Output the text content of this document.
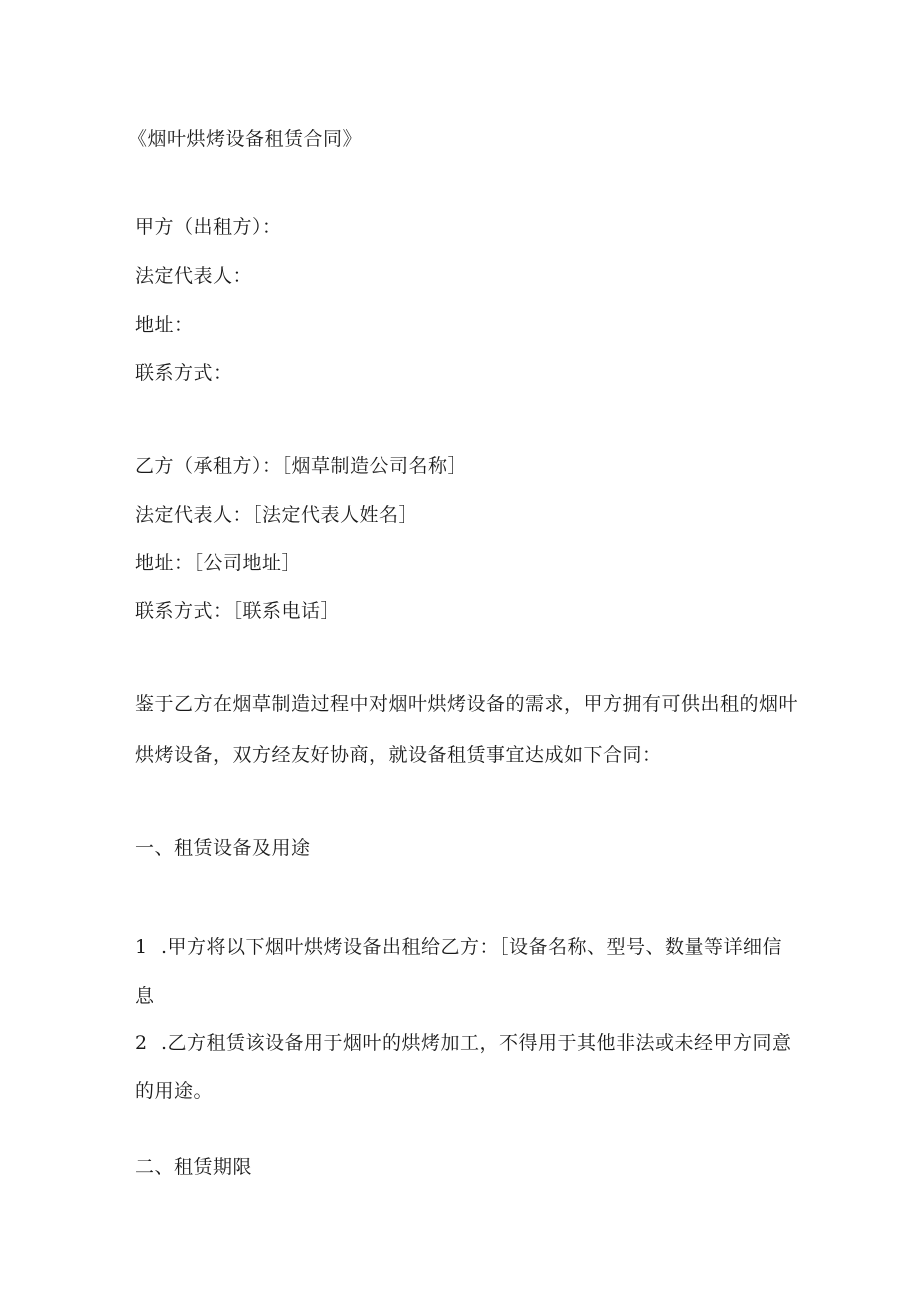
《烟叶烘烤设备租赁合同》
甲方（出租方）：
法定代表人：
地址：
联系方式：
乙方（承租方）：［烟草制造公司名称］
法定代表人：［法定代表人姓名］
地址：［公司地址］
联系方式：［联系电话］
鉴于乙方在烟草制造过程中对烟叶烘烤设备的需求，甲方拥有可供出租的烟叶
烘烤设备，双方经友好协商，就设备租赁事宜达成如下合同：
一、租赁设备及用途
1 .甲方将以下烟叶烘烤设备出租给乙方：［设备名称、型号、数量等详细信
息
2 .乙方租赁该设备用于烟叶的烘烤加工，不得用于其他非法或未经甲方同意
的用途。
二、租赁期限
